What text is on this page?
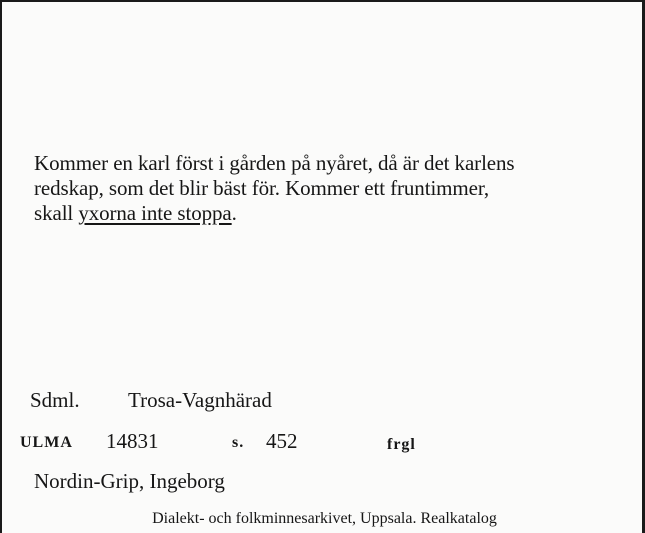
Kommer en karl först i gården på nyåret, då är det karlens
redskap, som det blir bäst för. Kommer ett fruntimmer,
skall yxorna inte stoppa.
Sdml. Trosa-Vagnhärad
ULMA 14831	s. 452	frgl
Nordin-Grip, Ingeborg
Dialekt- och folkminnesarkivet, Uppsala. Realkatalog
